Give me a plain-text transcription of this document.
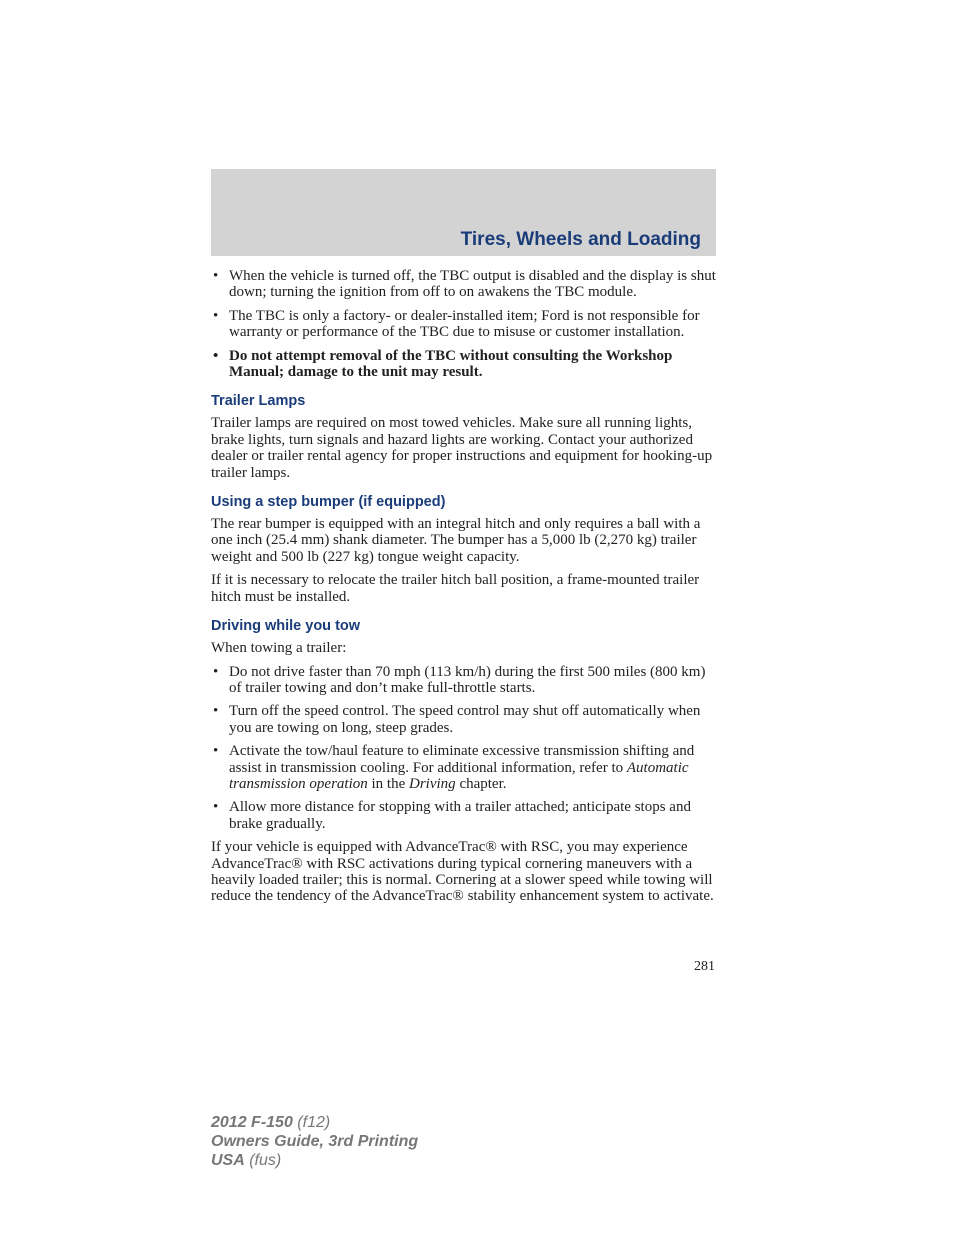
Tires, Wheels and Loading
• When the vehicle is turned off, the TBC output is disabled and the display is shut down; turning the ignition from off to on awakens the TBC module.
• The TBC is only a factory- or dealer-installed item; Ford is not responsible for warranty or performance of the TBC due to misuse or customer installation.
• Do not attempt removal of the TBC without consulting the Workshop Manual; damage to the unit may result.
Trailer Lamps

Trailer lamps are required on most towed vehicles. Make sure all running lights, brake lights, turn signals and hazard lights are working. Contact your authorized dealer or trailer rental agency for proper instructions and equipment for hooking-up trailer lamps.

Using a step bumper (if equipped)

The rear bumper is equipped with an integral hitch and only requires a ball with a one inch (25.4 mm) shank diameter. The bumper has a 5,000 lb (2,270 kg) trailer weight and 500 lb (227 kg) tongue weight capacity.

If it is necessary to relocate the trailer hitch ball position, a frame-mounted trailer hitch must be installed.

Driving while you tow

When towing a trailer:

• Do not drive faster than 70 mph (113 km/h) during the first 500 miles (800 km) of trailer towing and don’t make full-throttle starts.
• Turn off the speed control. The speed control may shut off automatically when you are towing on long, steep grades.
• Activate the tow/haul feature to eliminate excessive transmission shifting and assist in transmission cooling. For additional information, refer to Automatic transmission operation in the Driving chapter.
• Allow more distance for stopping with a trailer attached; anticipate stops and brake gradually.

If your vehicle is equipped with AdvanceTrac® with RSC, you may experience AdvanceTrac® with RSC activations during typical cornering maneuvers with a heavily loaded trailer; this is normal. Cornering at a slower speed while towing will reduce the tendency of the AdvanceTrac® stability enhancement system to activate.

281
2012 F-150 (f12)
Owners Guide, 3rd Printing
USA (fus)
